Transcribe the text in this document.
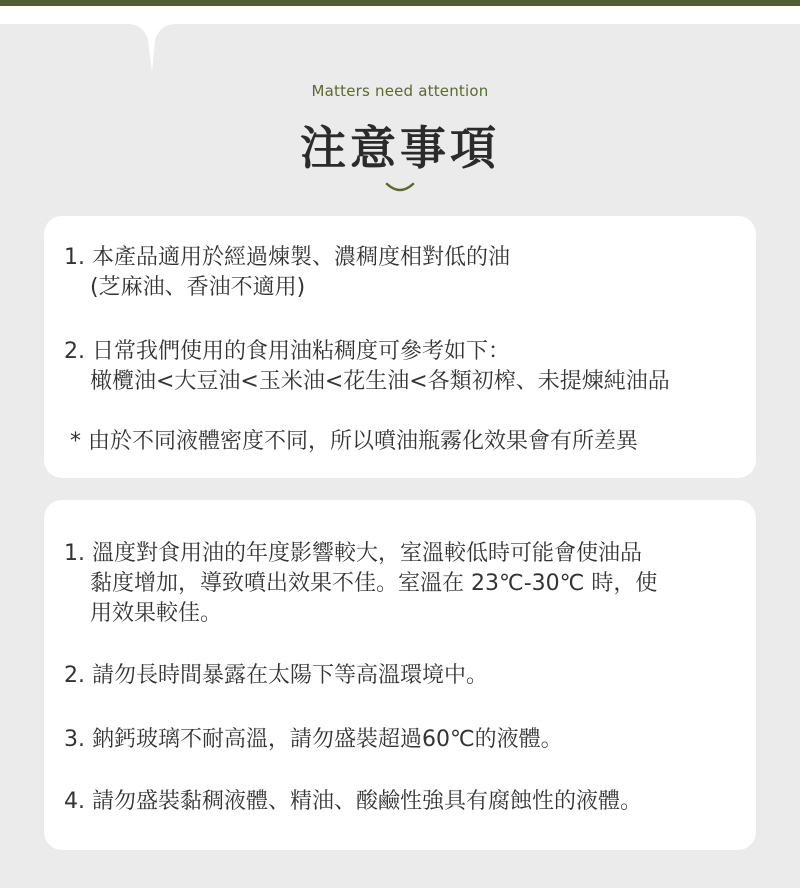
Matters need attention
注意事項
1. 本產品適用於經過煉製、濃稠度相對低的油
(芝麻油、香油不適用)
2. 日常我們使用的食用油粘稠度可參考如下：
橄欖油<大豆油<玉米油<花生油<各類初榨、未提煉純油品
* 由於不同液體密度不同，所以噴油瓶霧化效果會有所差異
1. 溫度對食用油的年度影響較大，室溫較低時可能會使油品
黏度增加，導致噴出效果不佳。室溫在 23℃-30℃ 時，使
用效果較佳。
2. 請勿長時間暴露在太陽下等高溫環境中。
3. 鈉鈣玻璃不耐高溫，請勿盛裝超過60℃的液體。
4. 請勿盛裝黏稠液體、精油、酸鹼性強具有腐蝕性的液體。
